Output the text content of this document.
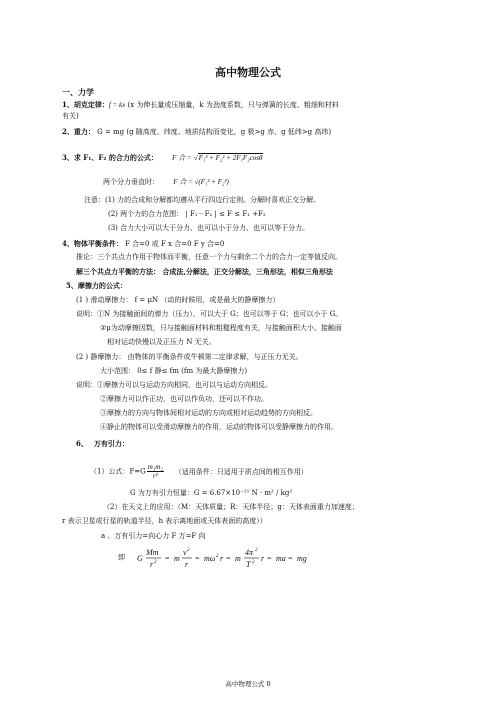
高中物理公式
一、力学
1、胡克定律：f = kx (x 为伸长量或压缩量，k 为劲度系数，只与弹簧的长度、粗细和材料
有关)
2、重力： G = mg (g 随高度、纬度、地质结构而变化，g 极>g 赤，g 低纬>g 高纬)
3、求 F₁、F₂ 的合力的公式： F 合 = √F₁² + F₂² + 2F₁F₂cosθ
两个分力垂直时： F 合 = √(F₁² + F₂²)
注意：(1) 力的合成和分解都均遵从平行四边行定则。分解时喜欢正交分解。
(2) 两个力的合力范围： | F₁－F₂ | ≤ F ≤ F₁ +F₂
(3) 合力大小可以大于分力、也可以小于分力、也可以等于分力。
4、物体平衡条件： F 合=0 或 F x 合=0 F y 合=0
推论：三个共点力作用于物体而平衡，任意一个力与剩余二个力的合力一定等值反向。
解三个共点力平衡的方法： 合成法,分解法，正交分解法，三角形法，相似三角形法
5、摩擦力的公式：
(1 ) 滑动摩擦力： f = μN （动的时候用，或是最大的静摩擦力）
说明：①N 为接触面间的弹力（压力），可以大于 G；也可以等于 G；也可以小于 G。
②μ为动摩擦因数，只与接触面材料和粗糙程度有关，与接触面积大小、接触面
相对运动快慢以及正压力 N 无关。
(2 ) 静摩擦力： 由物体的平衡条件或牛顿第二定律求解，与正压力无关。
大小范围： 0≤ f 静≤ fm (fm 为最大静摩擦力)
说明：①摩擦力可以与运动方向相同，也可以与运动方向相反。
②摩擦力可以作正功，也可以作负功，还可以不作功。
③摩擦力的方向与物体间相对运动的方向或相对运动趋势的方向相反。
④静止的物体可以受滑动摩擦力的作用，运动的物体可以受静摩擦力的作用。
6、 万有引力：
（1）公式：$F=G \frac{\text{m₁m₂}}{\text{r²}}$ （适用条件：只适用于质点间的相互作用）
G 为万有引力恒量：G = 6.67×10⁻¹¹ N · m² / kg²
（2）在天文上的应用：（M：天体质量；R：天体半径；g：天体表面重力加速度；
r 表示卫星或行星的轨道半径，h 表示离地面或天体表面的高度））
a 、万有引力=向心力 F 万=F 向
即 G
Mm
r 2 = m
v 2
r
= mω 2 r = m
4π 2
T 2 r = ma = mg ′
高中物理公式 0
